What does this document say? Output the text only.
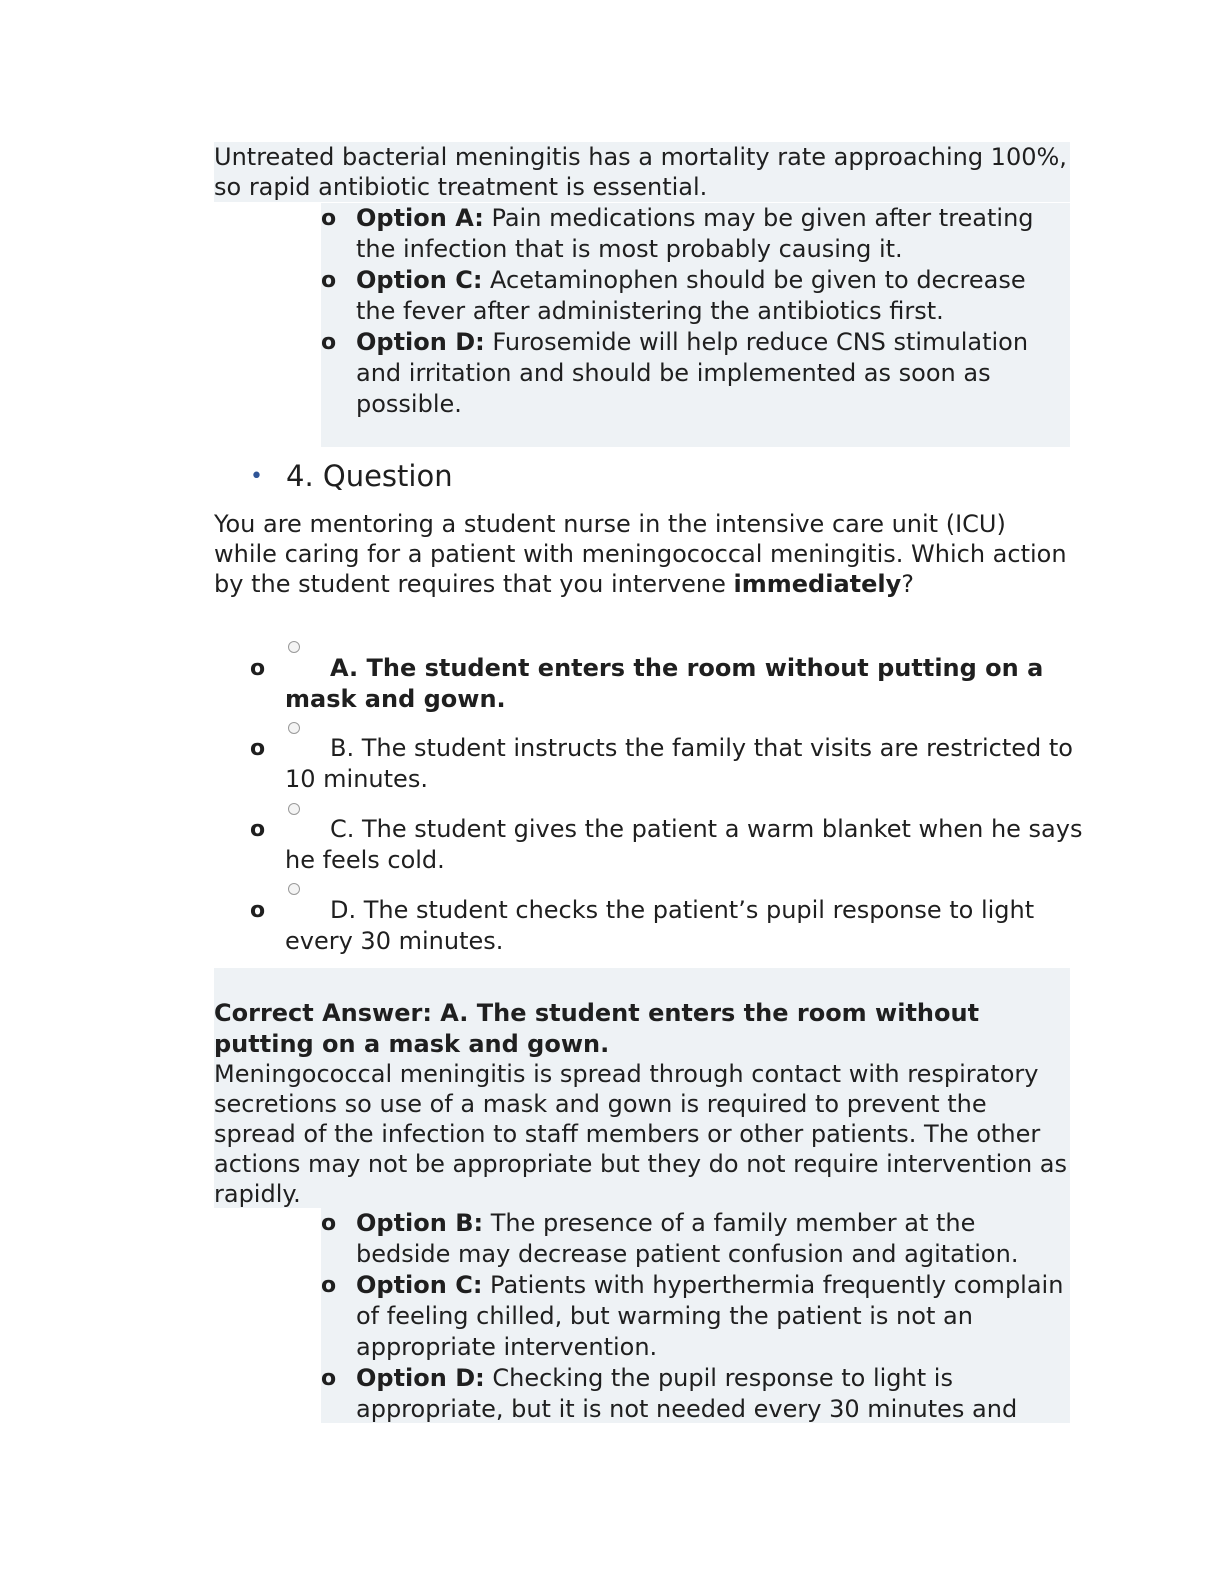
Untreated bacterial meningitis has a mortality rate approaching 100%, so rapid antibiotic treatment is essential.
o Option A: Pain medications may be given after treating the infection that is most probably causing it.
o Option C: Acetaminophen should be given to decrease the fever after administering the antibiotics first.
o Option D: Furosemide will help reduce CNS stimulation and irritation and should be implemented as soon as possible.
• 4. Question
You are mentoring a student nurse in the intensive care unit (ICU) while caring for a patient with meningococcal meningitis. Which action by the student requires that you intervene immediately?
o	A. The student enters the room without putting on a mask and gown.
o	B. The student instructs the family that visits are restricted to 10 minutes.
o	C. The student gives the patient a warm blanket when he says he feels cold.
o	D. The student checks the patient’s pupil response to light every 30 minutes.
Correct Answer: A. The student enters the room without putting on a mask and gown.
Meningococcal meningitis is spread through contact with respiratory secretions so use of a mask and gown is required to prevent the spread of the infection to staff members or other patients. The other actions may not be appropriate but they do not require intervention as rapidly.
o Option B: The presence of a family member at the bedside may decrease patient confusion and agitation.
o Option C: Patients with hyperthermia frequently complain of feeling chilled, but warming the patient is not an appropriate intervention.
o Option D: Checking the pupil response to light is appropriate, but it is not needed every 30 minutes and
